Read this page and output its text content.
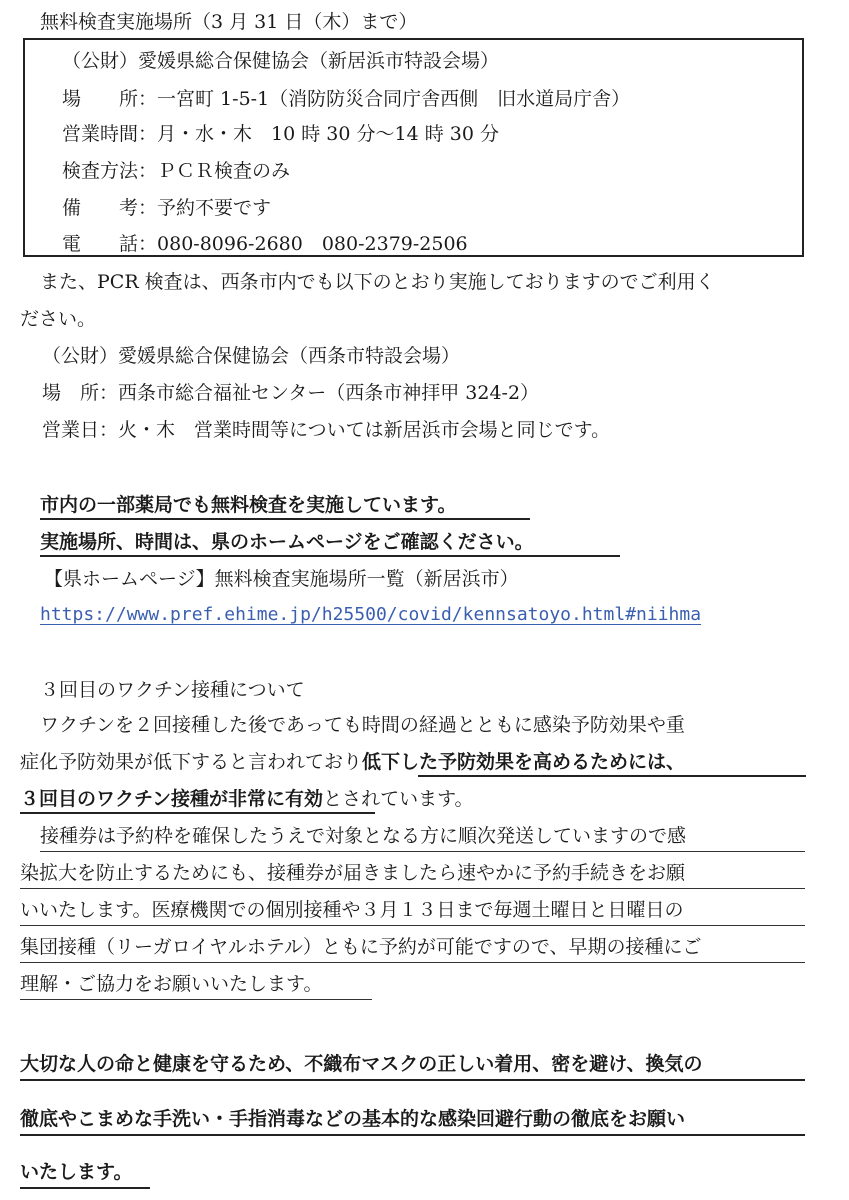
無料検査実施場所（3 月 31 日（木）まで）
（公財）愛媛県総合保健協会（新居浜市特設会場）
場　　所：一宮町 1-5-1（消防防災合同庁舎西側　旧水道局庁舎）
営業時間：月・水・木　10 時 30 分～14 時 30 分
検査方法：ＰＣＲ検査のみ
備　　考：予約不要です
電　　話：080-8096-2680　080-2379-2506
また、PCR 検査は、西条市内でも以下のとおり実施しておりますのでご利用く
ださい。
（公財）愛媛県総合保健協会（西条市特設会場）
場　所：西条市総合福祉センター（西条市神拝甲 324-2）
営業日：火・木　営業時間等については新居浜市会場と同じです。
市内の一部薬局でも無料検査を実施しています。
実施場所、時間は、県のホームページをご確認ください。
【県ホームページ】無料検査実施場所一覧（新居浜市）
https://www.pref.ehime.jp/h25500/covid/kennsatoyo.html#niihma
３回目のワクチン接種について
ワクチンを２回接種した後であっても時間の経過とともに感染予防効果や重
症化予防効果が低下すると言われており低下した予防効果を高めるためには、
３回目のワクチン接種が非常に有効とされています。
接種券は予約枠を確保したうえで対象となる方に順次発送していますので感
染拡大を防止するためにも、接種券が届きましたら速やかに予約手続きをお願
いいたします。医療機関での個別接種や３月１３日まで毎週土曜日と日曜日の
集団接種（リーガロイヤルホテル）ともに予約が可能ですので、早期の接種にご
理解・ご協力をお願いいたします。
大切な人の命と健康を守るため、不織布マスクの正しい着用、密を避け、換気の
徹底やこまめな手洗い・手指消毒などの基本的な感染回避行動の徹底をお願い
いたします。
